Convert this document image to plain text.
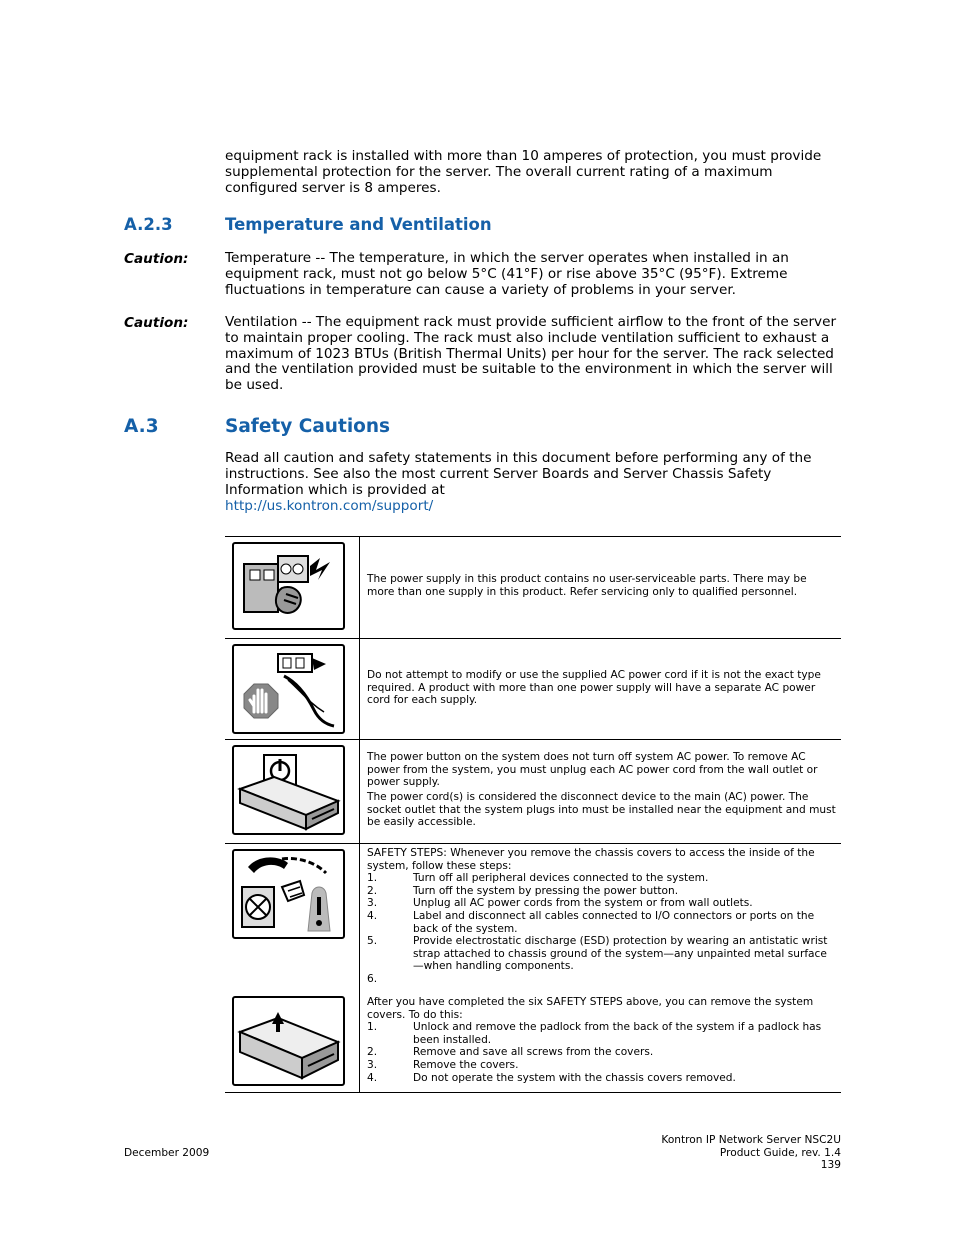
equipment rack is installed with more than 10 amperes of protection, you must provide supplemental protection for the server. The overall current rating of a maximum configured server is 8 amperes.
A.2.3	Temperature and Ventilation
Caution:	Temperature -- The temperature, in which the server operates when installed in an equipment rack, must not go below 5°C (41°F) or rise above 35°C (95°F). Extreme fluctuations in temperature can cause a variety of problems in your server.
Caution:	Ventilation -- The equipment rack must provide sufficient airflow to the front of the server to maintain proper cooling. The rack must also include ventilation sufficient to exhaust a maximum of 1023 BTUs (British Thermal Units) per hour for the server. The rack selected and the ventilation provided must be suitable to the environment in which the server will be used.
A.3	Safety Cautions
Read all caution and safety statements in this document before performing any of the instructions. See also the most current Server Boards and Server Chassis Safety Information which is provided at
http://us.kontron.com/support/
The power supply in this product contains no user-serviceable parts. There may be more than one supply in this product. Refer servicing only to qualified personnel.
Do not attempt to modify or use the supplied AC power cord if it is not the exact type required. A product with more than one power supply will have a separate AC power cord for each supply.
The power button on the system does not turn off system AC power. To remove AC power from the system, you must unplug each AC power cord from the wall outlet or power supply.
The power cord(s) is considered the disconnect device to the main (AC) power. The socket outlet that the system plugs into must be installed near the equipment and must be easily accessible.
SAFETY STEPS: Whenever you remove the chassis covers to access the inside of the system, follow these steps:
1.	Turn off all peripheral devices connected to the system.
2.	Turn off the system by pressing the power button.
3.	Unplug all AC power cords from the system or from wall outlets.
4.	Label and disconnect all cables connected to I/O connectors or ports on the back of the system.
5.	Provide electrostatic discharge (ESD) protection by wearing an antistatic wrist strap attached to chassis ground of the system—any unpainted metal surface—when handling components.
6.
After you have completed the six SAFETY STEPS above, you can remove the system covers. To do this:
1.	Unlock and remove the padlock from the back of the system if a padlock has been installed.
2.	Remove and save all screws from the covers.
3.	Remove the covers.
4.	Do not operate the system with the chassis covers removed.
December 2009
Kontron IP Network Server NSC2U
Product Guide, rev. 1.4
139
